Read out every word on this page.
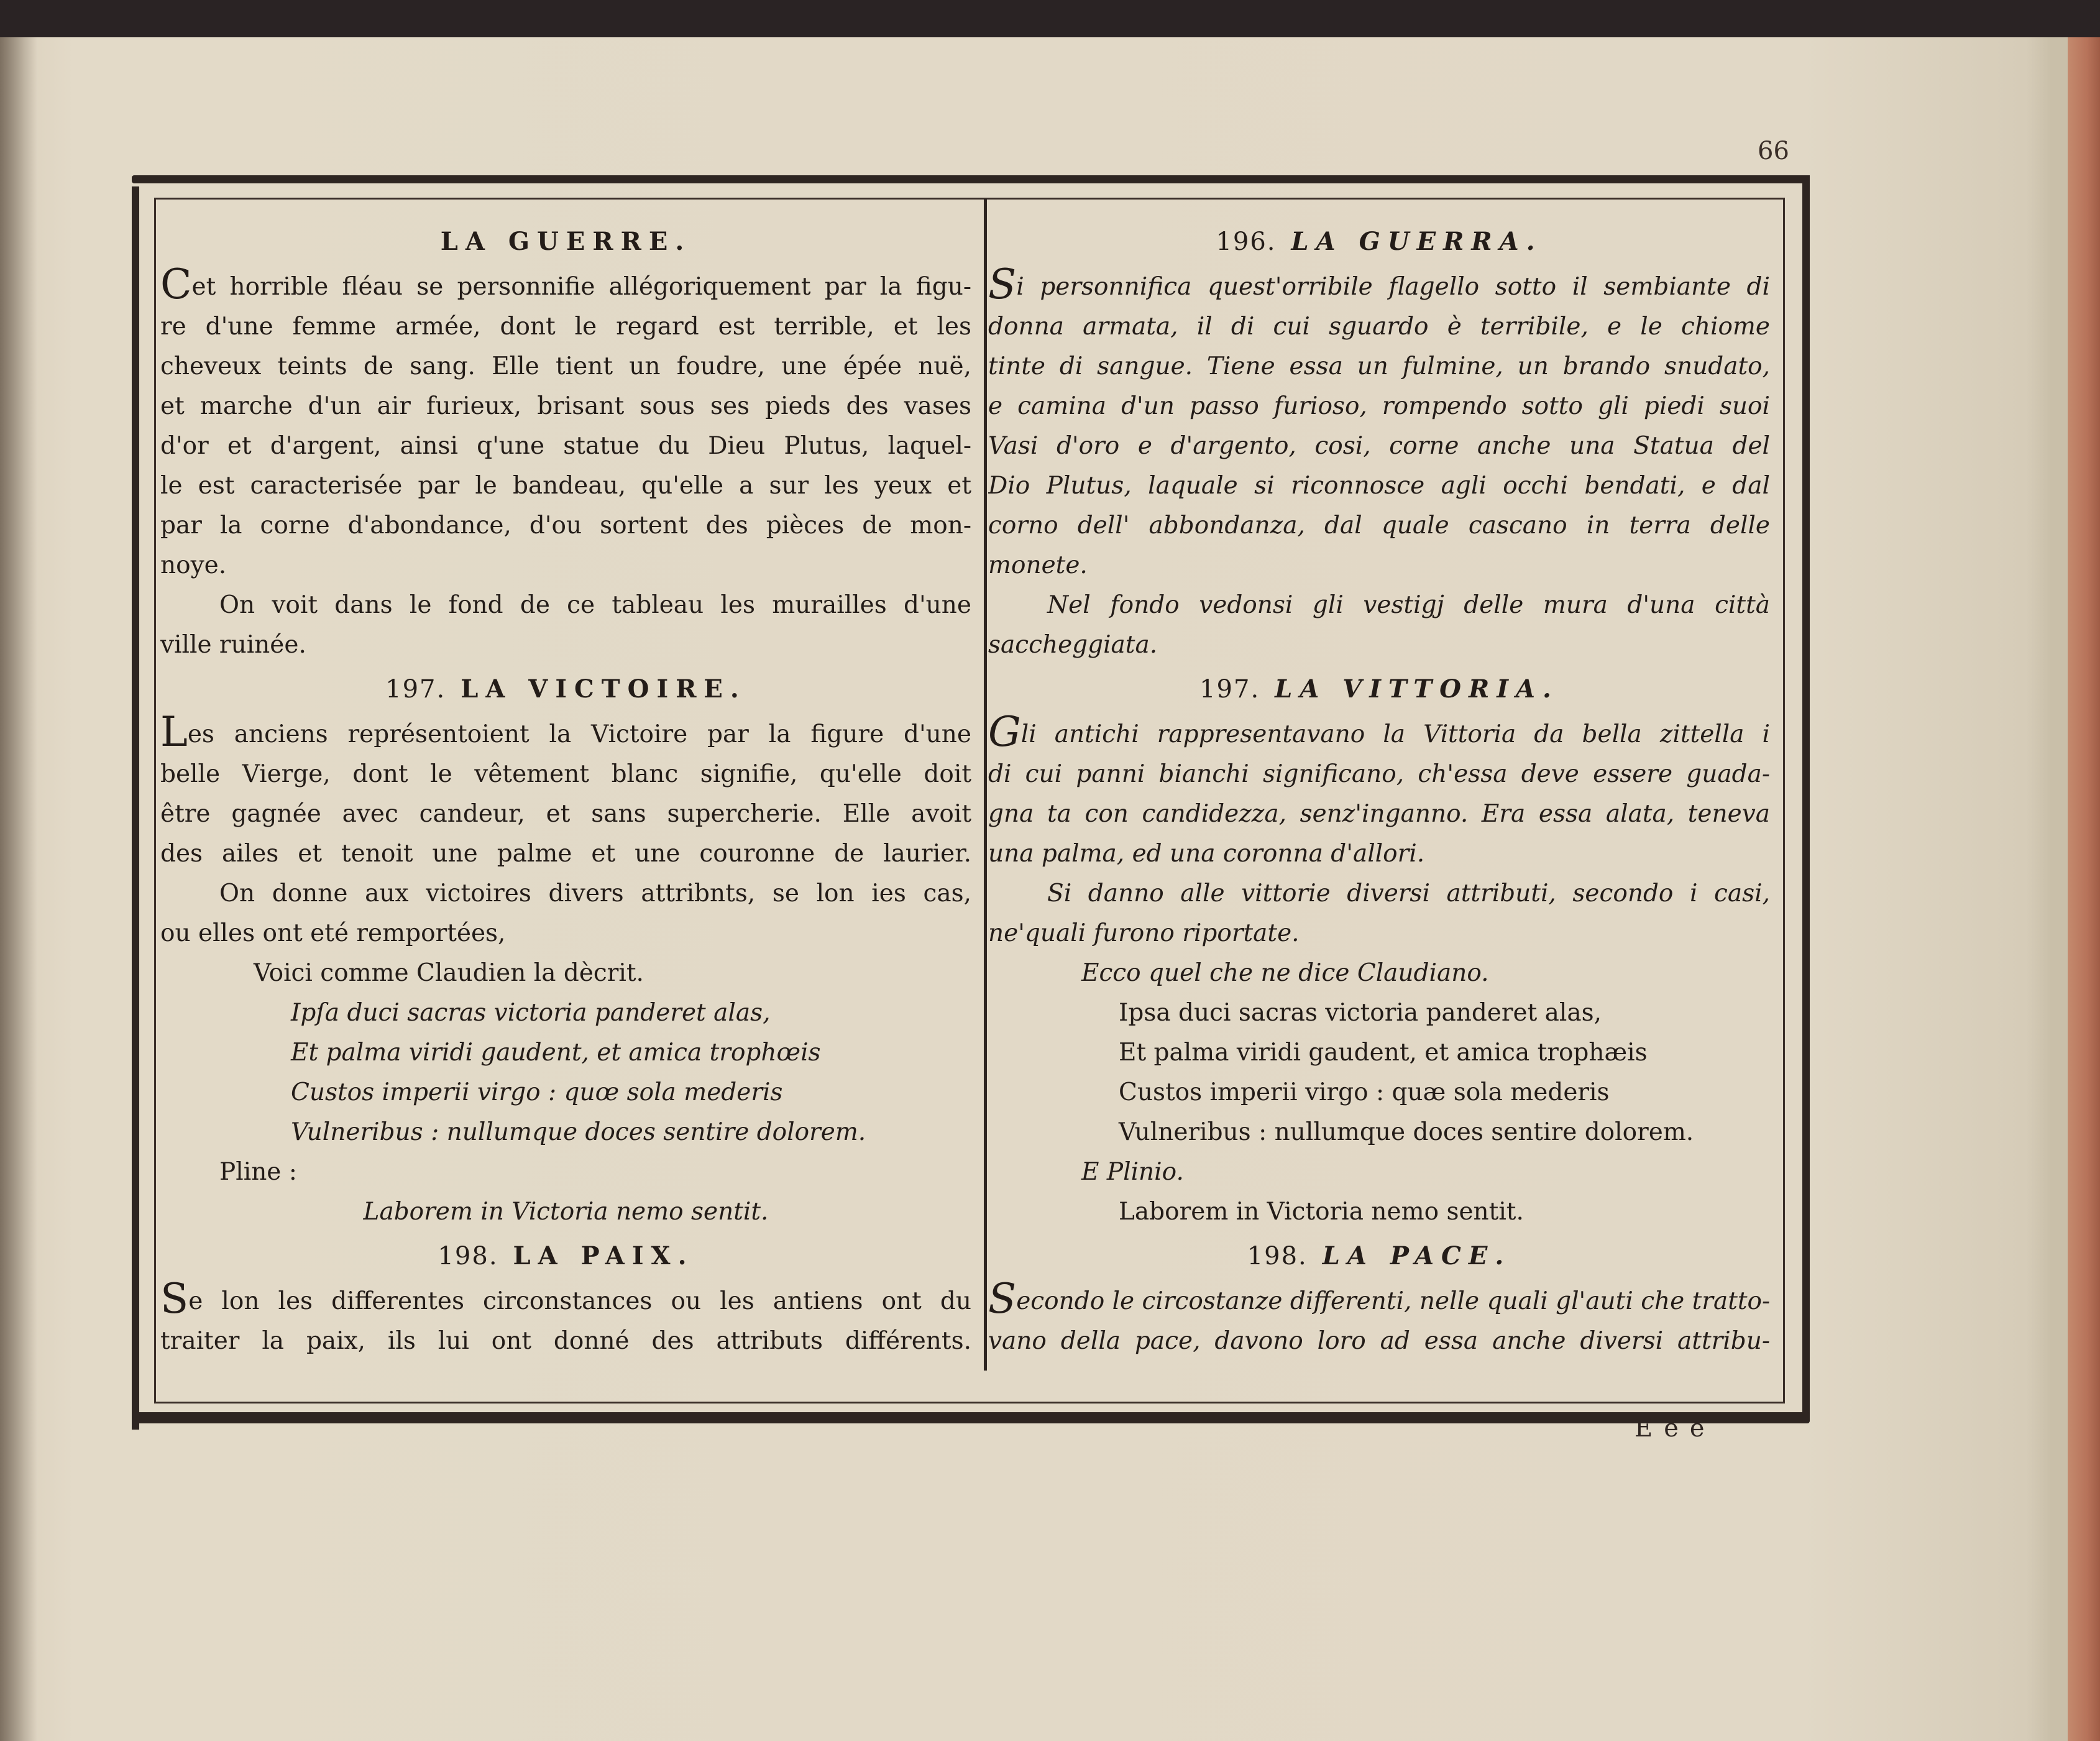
66
LA GUERRE.
Cet horrible fléau se personnifie allégoriquement par la figu-
re d'une femme armée, dont le regard est terrible, et les
cheveux teints de sang. Elle tient un foudre, une épée nuë,
et marche d'un air furieux, brisant sous ses pieds des vases
d'or et d'argent, ainsi q'une statue du Dieu Plutus, laquel-
le est caracterisée par le bandeau, qu'elle a sur les yeux et
par la corne d'abondance, d'ou sortent des pièces de mon-
noye.
On voit dans le fond de ce tableau les murailles d'une
ville ruinée.
197. LA VICTOIRE.
Les anciens représentoient la Victoire par la figure d'une
belle Vierge, dont le vêtement blanc signifie, qu'elle doit
être gagnée avec candeur, et sans supercherie. Elle avoit
des ailes et tenoit une palme et une couronne de laurier.
On donne aux victoires divers attribnts, se lon ies cas,
ou elles ont eté remportées,
Voici comme Claudien la dècrit.
Ipſa duci sacras victoria panderet alas,
Et palma viridi gaudent, et amica trophœis
Custos imperii virgo : quœ sola mederis
Vulneribus : nullumque doces sentire dolorem.
Pline :
Laborem in Victoria nemo sentit.
198. LA PAIX.
Se lon les differentes circonstances ou les antiens ont du
traiter la paix, ils lui ont donné des attributs différents.
196. LA GUERRA.
Si personnifica quest'orribile flagello sotto il sembiante di
donna armata, il di cui sguardo è terribile, e le chiome
tinte di sangue. Tiene essa un fulmine, un brando snudato,
e camina d'un passo furioso, rompendo sotto gli piedi suoi
Vasi d'oro e d'argento, cosi, corne anche una Statua del
Dio Plutus, laquale si riconnosce agli occhi bendati, e dal
corno dell' abbondanza, dal quale cascano in terra delle
monete.
Nel fondo vedonsi gli vestigj delle mura d'una città
saccheggiata.
197. LA VITTORIA.
Gli antichi rappresentavano la Vittoria da bella zittella i
di cui panni bianchi significano, ch'essa deve essere guada-
gna ta con candidezza, senz'inganno. Era essa alata, teneva
una palma, ed una coronna d'allori.
Si danno alle vittorie diversi attributi, secondo i casi,
ne'quali furono riportate.
Ecco quel che ne dice Claudiano.
Ipsa duci sacras victoria panderet alas,
Et palma viridi gaudent, et amica trophæis
Custos imperii virgo : quæ sola mederis
Vulneribus : nullumque doces sentire dolorem.
E Plinio.
Laborem in Victoria nemo sentit.
198. LA PACE.
Secondo le circostanze differenti, nelle quali gl'auti che tratto-
vano della pace, davono loro ad essa anche diversi attribu-
Eee
